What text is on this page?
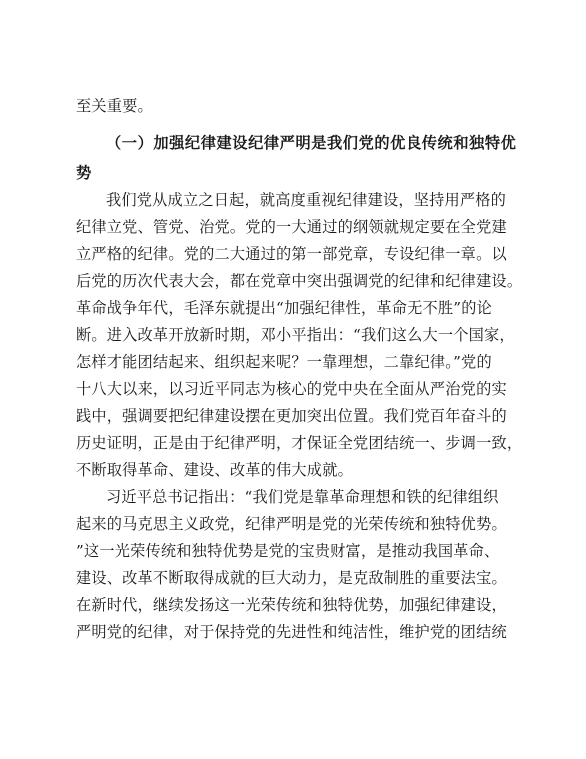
至关重要。
（一）加强纪律建设纪律严明是我们党的优良传统和独特优
势
我们党从成立之日起，就高度重视纪律建设，坚持用严格的
纪律立党、管党、治党。党的一大通过的纲领就规定要在全党建
立严格的纪律。党的二大通过的第一部党章，专设纪律一章。以
后党的历次代表大会，都在党章中突出强调党的纪律和纪律建设。
革命战争年代，毛泽东就提出“加强纪律性，革命无不胜”的论
断。进入改革开放新时期，邓小平指出：“我们这么大一个国家，
怎样才能团结起来、组织起来呢？一靠理想，二靠纪律。”党的
十八大以来，以习近平同志为核心的党中央在全面从严治党的实
践中，强调要把纪律建设摆在更加突出位置。我们党百年奋斗的
历史证明，正是由于纪律严明，才保证全党团结统一、步调一致，
不断取得革命、建设、改革的伟大成就。
习近平总书记指出：“我们党是靠革命理想和铁的纪律组织
起来的马克思主义政党，纪律严明是党的光荣传统和独特优势。
”这一光荣传统和独特优势是党的宝贵财富，是推动我国革命、
建设、改革不断取得成就的巨大动力，是克敌制胜的重要法宝。
在新时代，继续发扬这一光荣传统和独特优势，加强纪律建设，
严明党的纪律，对于保持党的先进性和纯洁性，维护党的团结统
